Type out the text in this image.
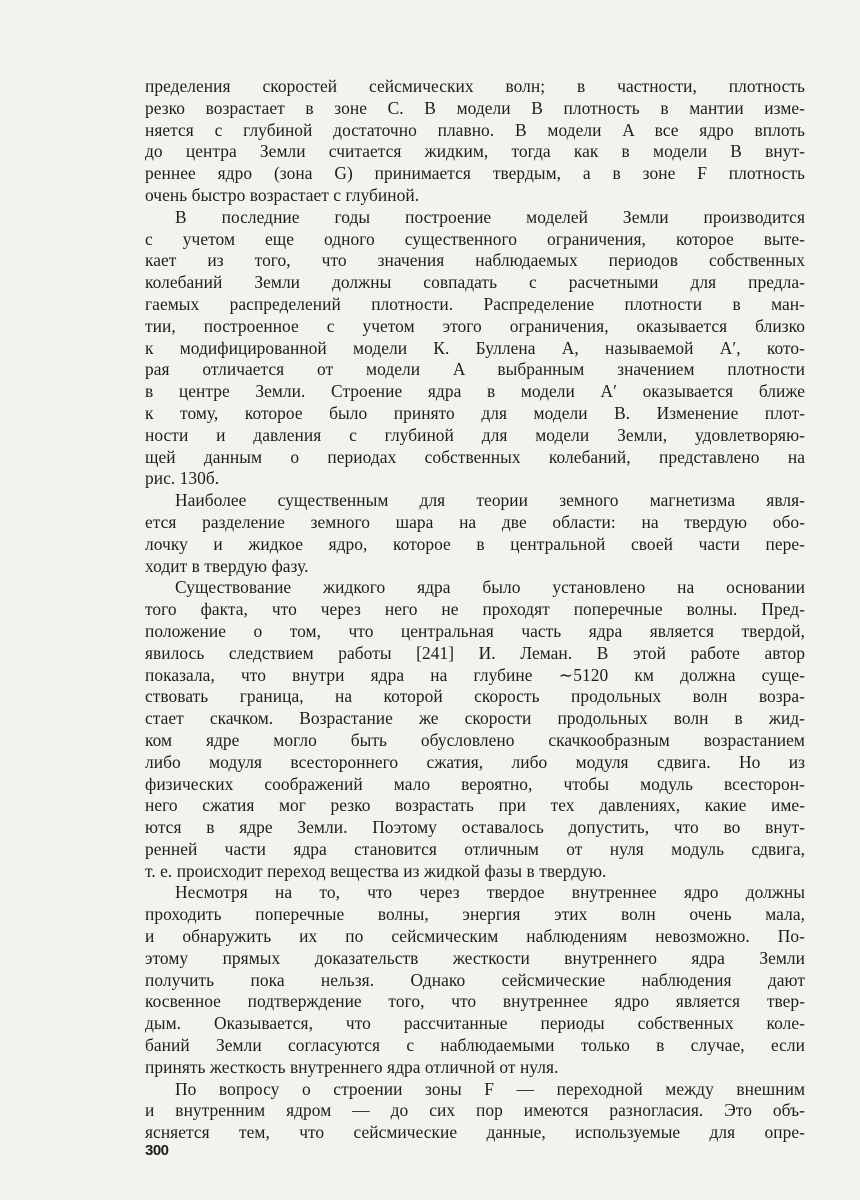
пределения скоростей сейсмических волн; в частности, плотность
резко возрастает в зоне C. В модели B плотность в мантии изме-
няется с глубиной достаточно плавно. В модели A все ядро вплоть
до центра Земли считается жидким, тогда как в модели B внут-
реннее ядро (зона G) принимается твердым, а в зоне F плотность
очень быстро возрастает с глубиной.
В последние годы построение моделей Земли производится
с учетом еще одного существенного ограничения, которое выте-
кает из того, что значения наблюдаемых периодов собственных
колебаний Земли должны совпадать с расчетными для предла-
гаемых распределений плотности. Распределение плотности в ман-
тии, построенное с учетом этого ограничения, оказывается близко
к модифицированной модели К. Буллена A, называемой A′, кото-
рая отличается от модели A выбранным значением плотности
в центре Земли. Строение ядра в модели A′ оказывается ближе
к тому, которое было принято для модели B. Изменение плот-
ности и давления с глубиной для модели Земли, удовлетворяю-
щей данным о периодах собственных колебаний, представлено на
рис. 130б.
Наиболее существенным для теории земного магнетизма явля-
ется разделение земного шара на две области: на твердую обо-
лочку и жидкое ядро, которое в центральной своей части пере-
ходит в твердую фазу.
Существование жидкого ядра было установлено на основании
того факта, что через него не проходят поперечные волны. Пред-
положение о том, что центральная часть ядра является твердой,
явилось следствием работы [241] И. Леман. В этой работе автор
показала, что внутри ядра на глубине ∼5120 км должна суще-
ствовать граница, на которой скорость продольных волн возра-
стает скачком. Возрастание же скорости продольных волн в жид-
ком ядре могло быть обусловлено скачкообразным возрастанием
либо модуля всестороннего сжатия, либо модуля сдвига. Но из
физических соображений мало вероятно, чтобы модуль всесторон-
него сжатия мог резко возрастать при тех давлениях, какие име-
ются в ядре Земли. Поэтому оставалось допустить, что во внут-
ренней части ядра становится отличным от нуля модуль сдвига,
т. е. происходит переход вещества из жидкой фазы в твердую.
Несмотря на то, что через твердое внутреннее ядро должны
проходить поперечные волны, энергия этих волн очень мала,
и обнаружить их по сейсмическим наблюдениям невозможно. По-
этому прямых доказательств жесткости внутреннего ядра Земли
получить пока нельзя. Однако сейсмические наблюдения дают
косвенное подтверждение того, что внутреннее ядро является твер-
дым. Оказывается, что рассчитанные периоды собственных коле-
баний Земли согласуются с наблюдаемыми только в случае, если
принять жесткость внутреннего ядра отличной от нуля.
По вопросу о строении зоны F — переходной между внешним
и внутренним ядром — до сих пор имеются разногласия. Это объ-
ясняется тем, что сейсмические данные, используемые для опре-
300
